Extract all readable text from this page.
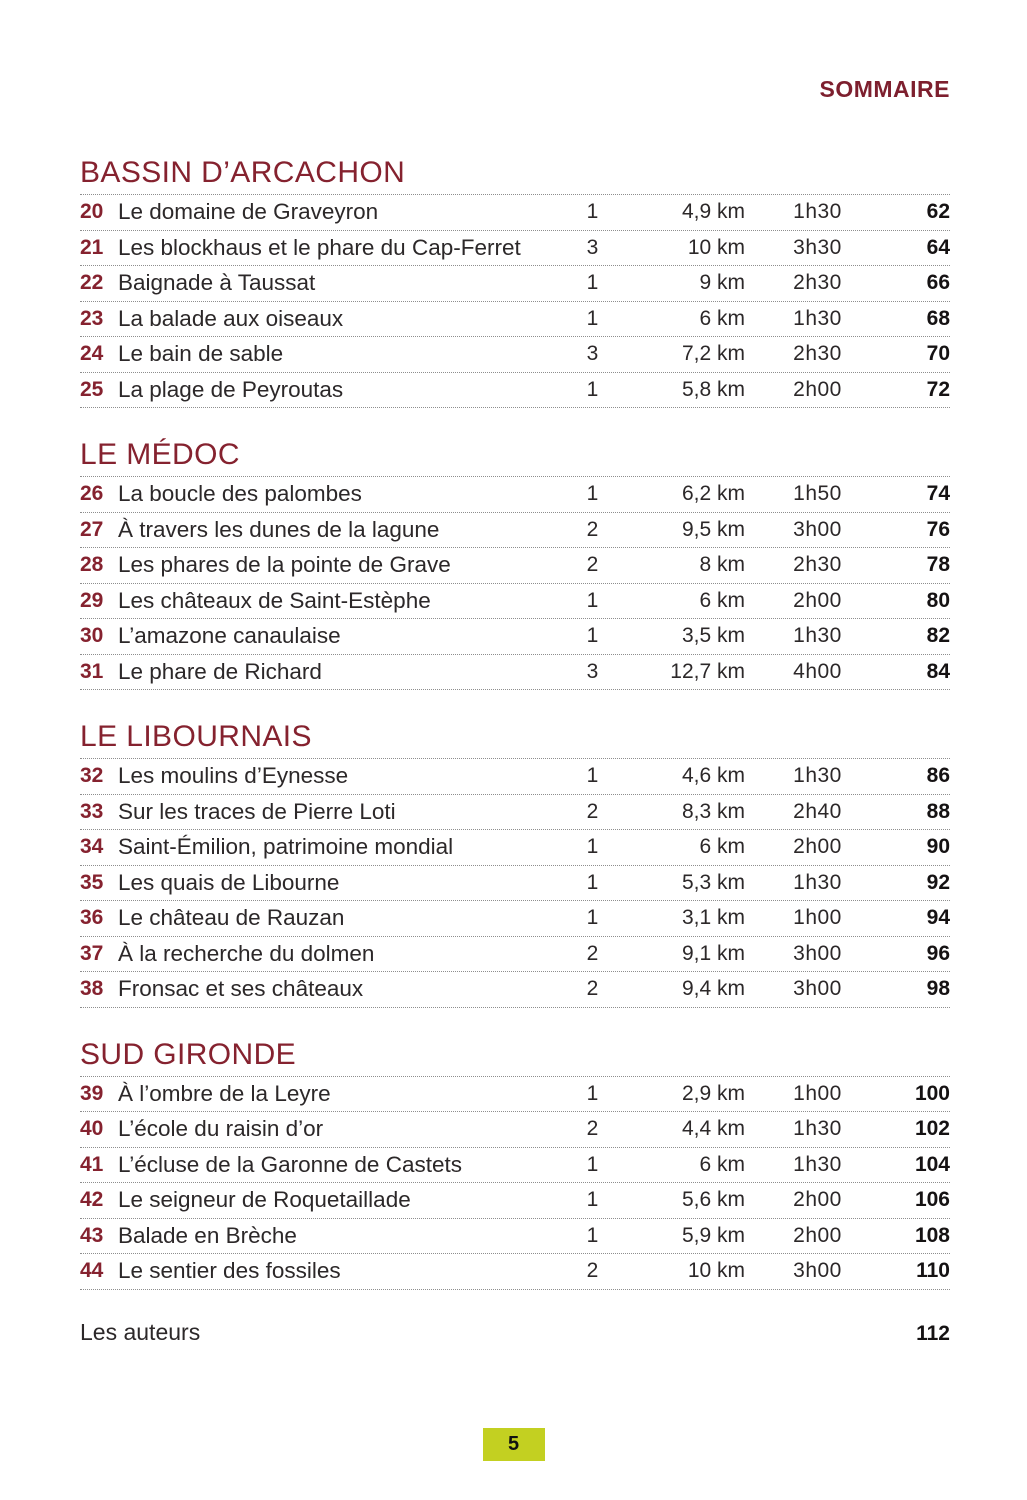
SOMMAIRE
BASSIN D’ARCACHON
20 Le domaine de Graveyron	1	4,9 km	1h30	62
21 Les blockhaus et le phare du Cap-Ferret	3	10 km	3h30	64
22 Baignade à Taussat	1	9 km	2h30	66
23 La balade aux oiseaux	1	6 km	1h30	68
24 Le bain de sable	3	7,2 km	2h30	70
25 La plage de Peyroutas	1	5,8 km	2h00	72
LE MÉDOC
26 La boucle des palombes	1	6,2 km	1h50	74
27 À travers les dunes de la lagune	2	9,5 km	3h00	76
28 Les phares de la pointe de Grave	2	8 km	2h30	78
29 Les châteaux de Saint-Estèphe	1	6 km	2h00	80
30 L’amazone canaulaise	1	3,5 km	1h30	82
31 Le phare de Richard	3	12,7 km	4h00	84
LE LIBOURNAIS
32 Les moulins d’Eynesse	1	4,6 km	1h30	86
33 Sur les traces de Pierre Loti	2	8,3 km	2h40	88
34 Saint-Émilion, patrimoine mondial	1	6 km	2h00	90
35 Les quais de Libourne	1	5,3 km	1h30	92
36 Le château de Rauzan	1	3,1 km	1h00	94
37 À la recherche du dolmen	2	9,1 km	3h00	96
38 Fronsac et ses châteaux	2	9,4 km	3h00	98
SUD GIRONDE
39 À l’ombre de la Leyre	1	2,9 km	1h00	100
40 L’école du raisin d’or	2	4,4 km	1h30	102
41 L’écluse de la Garonne de Castets	1	6 km	1h30	104
42 Le seigneur de Roquetaillade	1	5,6 km	2h00	106
43 Balade en Brèche	1	5,9 km	2h00	108
44 Le sentier des fossiles	2	10 km	3h00	110
Les auteurs	112
5
